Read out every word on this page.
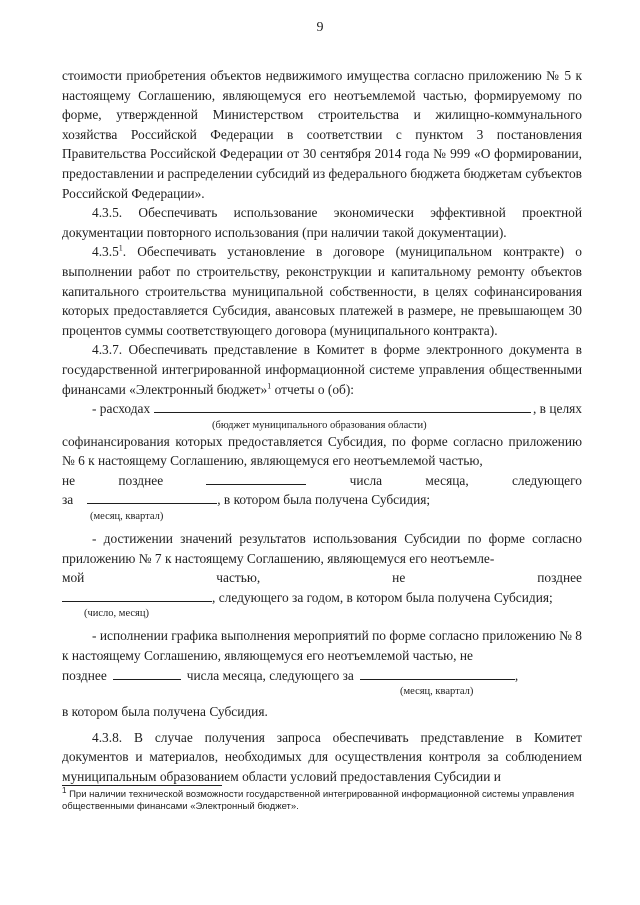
9

стоимости приобретения объектов недвижимого имущества согласно приложению № 5 к настоящему Соглашению, являющемуся его неотъемлемой частью, формируемому по форме, утвержденной Министерством строительства и жилищно-коммунального хозяйства Российской Федерации в соответствии с пунктом 3 постановления Правительства Российской Федерации от 30 сентября 2014 года № 999 «О формировании, предоставлении и распределении субсидий из федерального бюджета бюджетам субъектов Российской Федерации».

4.3.5. Обеспечивать использование экономически эффективной проектной документации повторного использования (при наличии такой документации).

4.3.5$^1$. Обеспечивать установление в договоре (муниципальном контракте) о выполнении работ по строительству, реконструкции и капитальному ремонту объектов капитального строительства муниципальной собственности, в целях софинансирования которых предоставляется Субсидия, авансовых платежей в размере, не превышающем 30 процентов суммы соответствующего договора (муниципального контракта).

4.3.7. Обеспечивать представление в Комитет в форме электронного документа в государственной интегрированной информационной системе управления общественными финансами «Электронный бюджет»$^1$ отчеты о (об):

- расходах	, в целях
(бюджет муниципального образования области)

софинансирования которых предоставляется Субсидия, по форме согласно приложению № 6 к настоящему Соглашению, являющемуся его неотъемлемой частью,

не	позднее	числа	месяца,	следующего
за	, в котором была получена Субсидия;
(месяц, квартал)

- достижении значений результатов использования Субсидии по форме согласно приложению № 7 к настоящему Соглашению, являющемуся его неотъемле-

мой	частью,	не	позднее
, следующего за годом, в котором была получена Субсидия;
(число, месяц)

- исполнении графика выполнения мероприятий по форме согласно приложению № 8 к настоящему Соглашению, являющемуся его неотъемлемой частью, не

позднее	числа месяца, следующего за	,
(месяц, квартал)

в котором была получена Субсидия.

4.3.8. В случае получения запроса обеспечивать представление в Комитет документов и материалов, необходимых для осуществления контроля за соблюдением муниципальным образованием области условий предоставления Субсидии и

$^1$ При наличии технической возможности государственной интегрированной информационной системы управления общественными финансами «Электронный бюджет».
